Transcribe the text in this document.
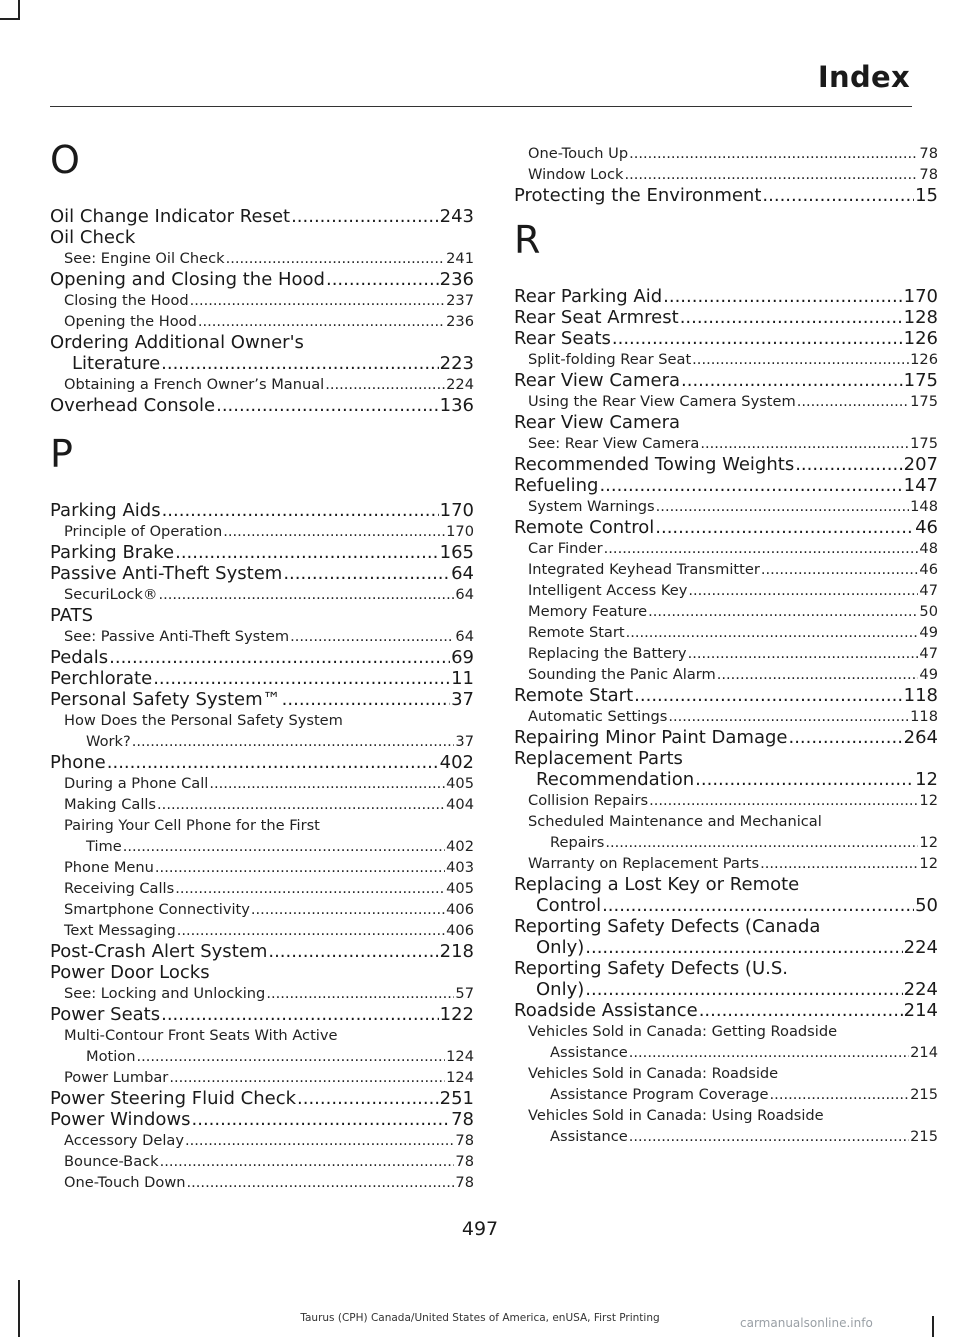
Index
O
Oil Change Indicator Reset .....	243
Oil Check
See: Engine Oil Check .....	241
Opening and Closing the Hood .....	236
Closing the Hood .....	237
Opening the Hood .....	236
Ordering Additional Owner's
Literature .....	223
Obtaining a French Owner’s Manual .....	224
Overhead Console .....	136
P
Parking Aids .....	170
Principle of Operation .....	170
Parking Brake .....	165
Passive Anti-Theft System .....	64
SecuriLock® .....	64
PATS
See: Passive Anti-Theft System .....	64
Pedals .....	69
Perchlorate .....	11
Personal Safety System™ .....	37
How Does the Personal Safety System
Work? .....	37
Phone .....	402
During a Phone Call .....	405
Making Calls .....	404
Pairing Your Cell Phone for the First
Time .....	402
Phone Menu .....	403
Receiving Calls .....	405
Smartphone Connectivity .....	406
Text Messaging .....	406
Post-Crash Alert System .....	218
Power Door Locks
See: Locking and Unlocking .....	57
Power Seats .....	122
Multi-Contour Front Seats With Active
Motion .....	124
Power Lumbar .....	124
Power Steering Fluid Check .....	251
Power Windows .....	78
Accessory Delay .....	78
Bounce-Back .....	78
One-Touch Down .....	78
One-Touch Up .....	78
Window Lock .....	78
Protecting the Environment .....	15
R
Rear Parking Aid .....	170
Rear Seat Armrest .....	128
Rear Seats .....	126
Split-folding Rear Seat .....	126
Rear View Camera .....	175
Using the Rear View Camera System .....	175
Rear View Camera
See: Rear View Camera .....	175
Recommended Towing Weights .....	207
Refueling .....	147
System Warnings .....	148
Remote Control .....	46
Car Finder .....	48
Integrated Keyhead Transmitter .....	46
Intelligent Access Key .....	47
Memory Feature .....	50
Remote Start .....	49
Replacing the Battery .....	47
Sounding the Panic Alarm .....	49
Remote Start .....	118
Automatic Settings .....	118
Repairing Minor Paint Damage .....	264
Replacement Parts
Recommendation .....	12
Collision Repairs .....	12
Scheduled Maintenance and Mechanical
Repairs .....	12
Warranty on Replacement Parts .....	12
Replacing a Lost Key or Remote
Control .....	50
Reporting Safety Defects (Canada
Only) .....	224
Reporting Safety Defects (U.S.
Only) .....	224
Roadside Assistance .....	214
Vehicles Sold in Canada: Getting Roadside
Assistance .....	214
Vehicles Sold in Canada: Roadside
Assistance Program Coverage .....	215
Vehicles Sold in Canada: Using Roadside
Assistance .....	215
497
Taurus (CPH) Canada/United States of America, enUSA, First Printing	carmanualsonline.info
